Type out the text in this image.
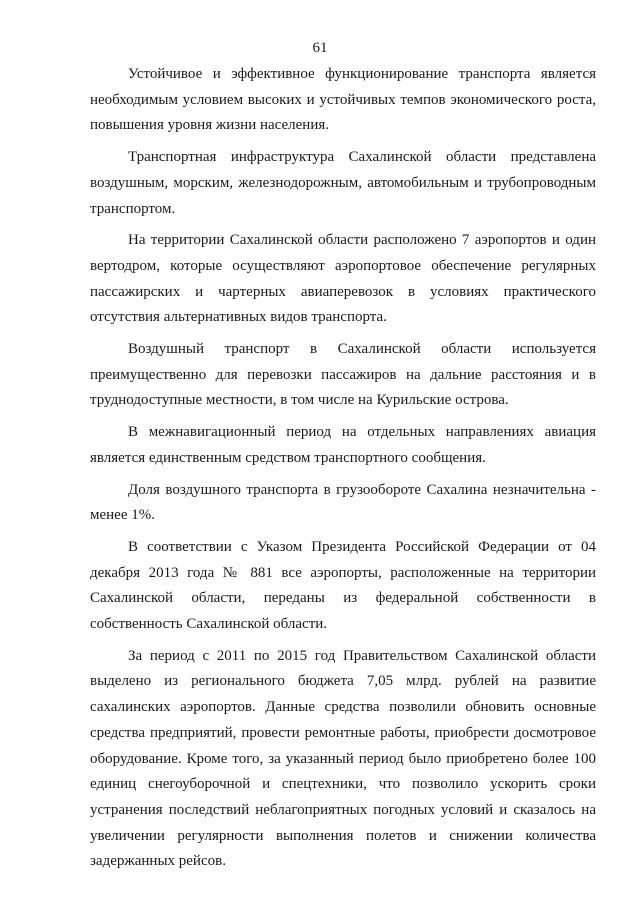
61

Устойчивое и эффективное функционирование транспорта является необходимым условием высоких и устойчивых темпов экономического роста, повышения уровня жизни населения.

Транспортная инфраструктура Сахалинской области представлена воздушным, морским, железнодорожным, автомобильным и трубопроводным транспортом.

На территории Сахалинской области расположено 7 аэропортов и один вертодром, которые осуществляют аэропортовое обеспечение регулярных пассажирских и чартерных авиаперевозок в условиях практического отсутствия альтернативных видов транспорта.

Воздушный транспорт в Сахалинской области используется преимущественно для перевозки пассажиров на дальние расстояния и в труднодоступные местности, в том числе на Курильские острова.

В межнавигационный период на отдельных направлениях авиация является единственным средством транспортного сообщения.

Доля воздушного транспорта в грузообороте Сахалина незначительна - менее 1%.

В соответствии с Указом Президента Российской Федерации от 04 декабря 2013 года № 881 все аэропорты, расположенные на территории Сахалинской области, переданы из федеральной собственности в собственность Сахалинской области.

За период с 2011 по 2015 год Правительством Сахалинской области выделено из регионального бюджета 7,05 млрд. рублей на развитие сахалинских аэропортов. Данные средства позволили обновить основные средства предприятий, провести ремонтные работы, приобрести досмотровое оборудование. Кроме того, за указанный период было приобретено более 100 единиц снегоуборочной и спецтехники, что позволило ускорить сроки устранения последствий неблагоприятных погодных условий и сказалось на увеличении регулярности выполнения полетов и снижении количества задержанных рейсов.
